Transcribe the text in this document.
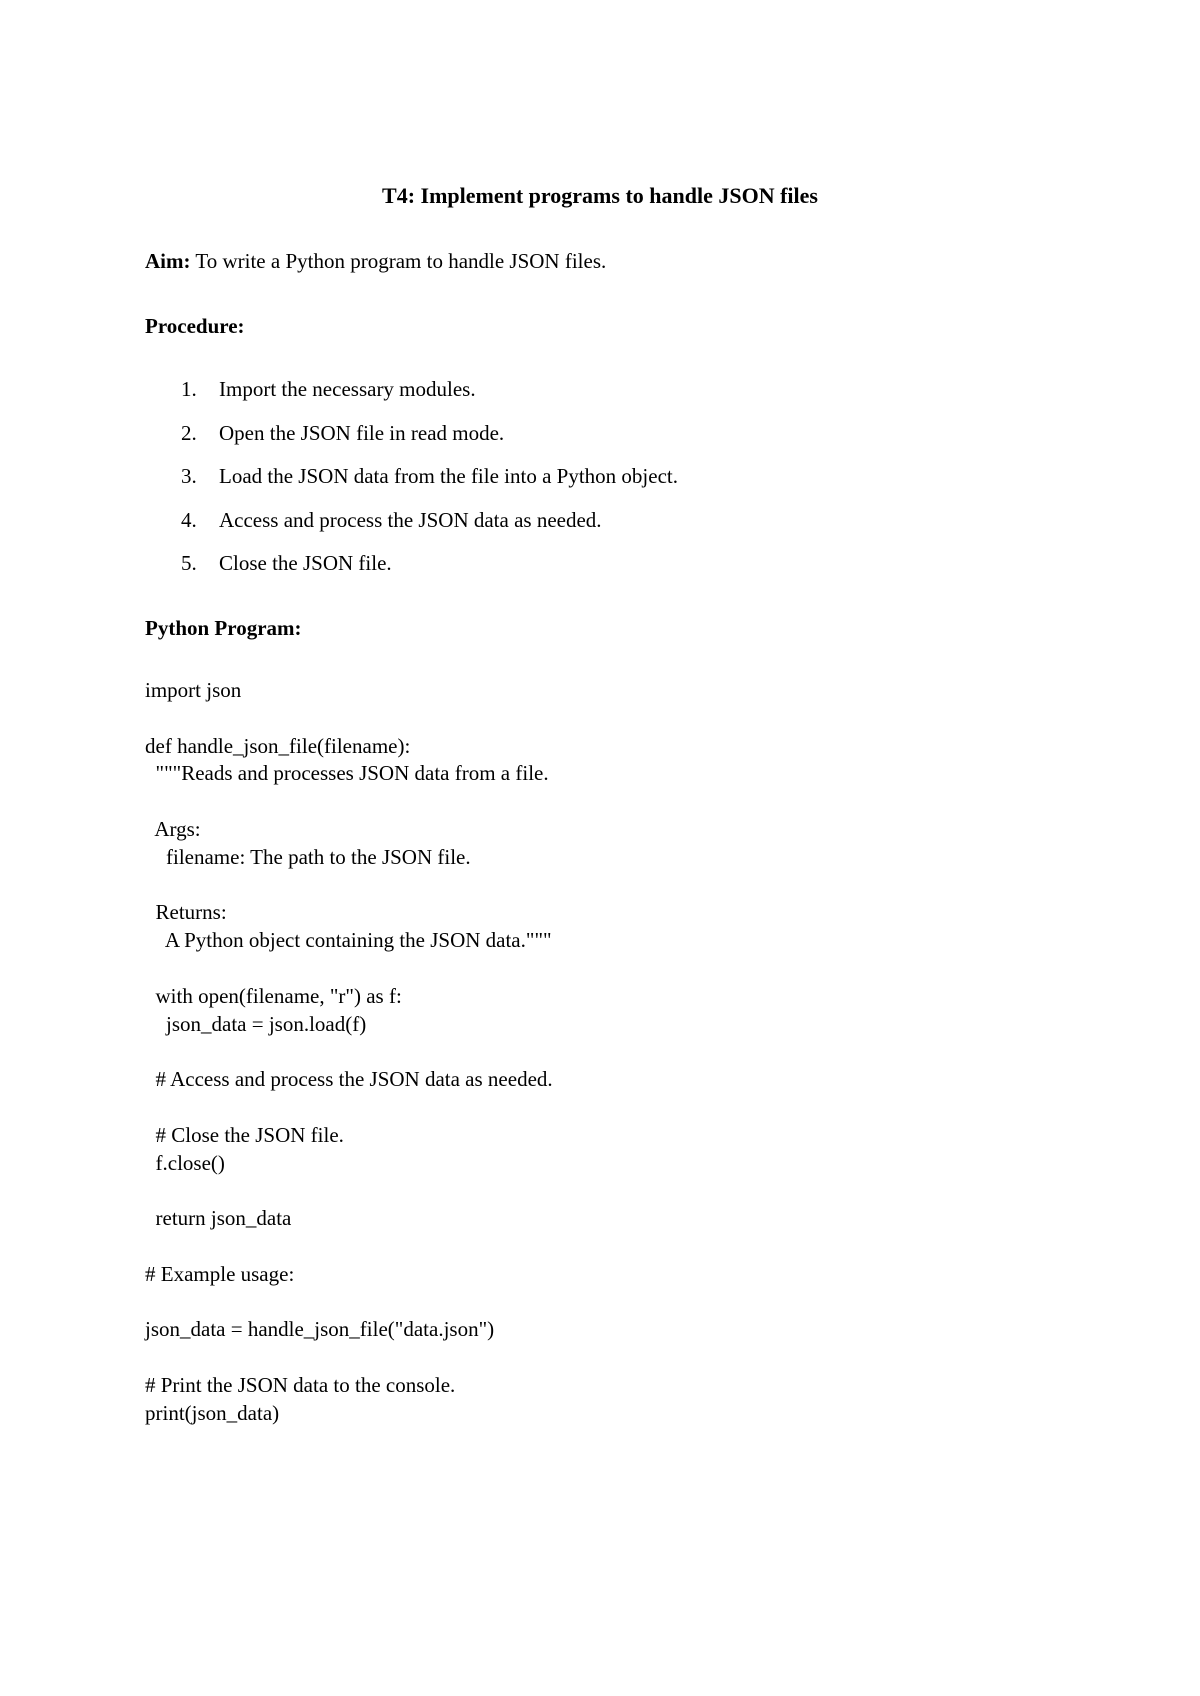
T4: Implement programs to handle JSON files
Aim: To write a Python program to handle JSON files.
Procedure:
1.	Import the necessary modules.
2.	Open the JSON file in read mode.
3.	Load the JSON data from the file into a Python object.
4.	Access and process the JSON data as needed.
5.	Close the JSON file.
Python Program:
import json

def handle_json_file(filename):
"""Reads and processes JSON data from a file.

Args:
filename: The path to the JSON file.

Returns:
A Python object containing the JSON data."""

with open(filename, "r") as f:
json_data = json.load(f)

# Access and process the JSON data as needed.

# Close the JSON file.
f.close()

return json_data

# Example usage:

json_data = handle_json_file("data.json")

# Print the JSON data to the console.
print(json_data)
